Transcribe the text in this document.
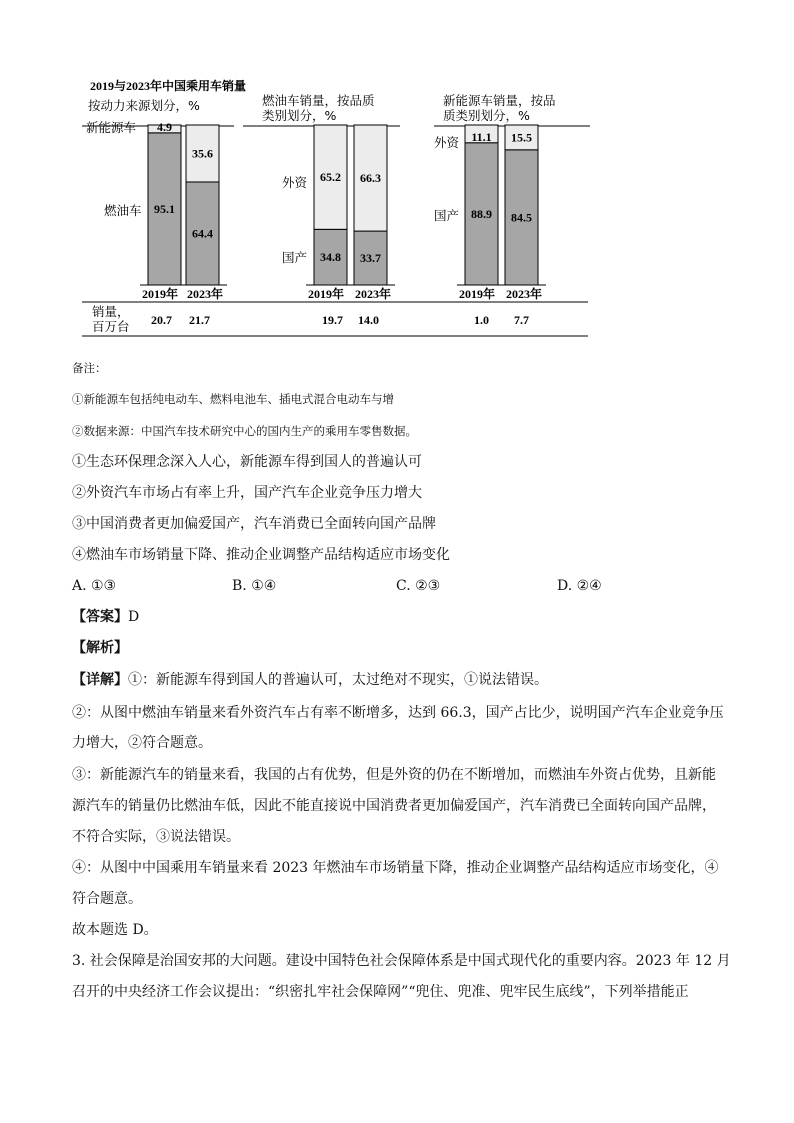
2019与2023年中国乘用车销量
按动力来源划分，%
4.9
95.1
35.6
64.4
新能源车
燃油车
2019年 2023年
20.7 21.7
燃油车销量，按品质
类别划分，%
65.2
34.8
66.3
33.7
外资
国产
2019年 2023年
19.7 14.0
新能源车销量，按品
质类别划分，%
11.1
88.9
15.5
84.5
外资
国产
2019年 2023年
1.0 7.7
销量，
百万台
备注：
①新能源车包括纯电动车、燃料电池车、插电式混合电动车与增
②数据来源：中国汽车技术研究中心的国内生产的乘用车零售数据。
①生态环保理念深入人心，新能源车得到国人的普遍认可
②外资汽车市场占有率上升，国产汽车企业竞争压力增大
③中国消费者更加偏爱国产，汽车消费已全面转向国产品牌
④燃油车市场销量下降、推动企业调整产品结构适应市场变化
A. ①③	B. ①④	C. ②③	D. ②④
【答案】D
【解析】
【详解】①：新能源车得到国人的普遍认可，太过绝对不现实，①说法错误。
②：从图中燃油车销量来看外资汽车占有率不断增多，达到 66.3，国产占比少，说明国产汽车企业竞争压
力增大，②符合题意。
③：新能源汽车的销量来看，我国的占有优势，但是外资的仍在不断增加，而燃油车外资占优势，且新能
源汽车的销量仍比燃油车低，因此不能直接说中国消费者更加偏爱国产，汽车消费已全面转向国产品牌，
不符合实际，③说法错误。
④：从图中中国乘用车销量来看 2023 年燃油车市场销量下降，推动企业调整产品结构适应市场变化，④
符合题意。
故本题选 D。
3. 社会保障是治国安邦的大问题。建设中国特色社会保障体系是中国式现代化的重要内容。2023 年 12 月
召开的中央经济工作会议提出：“织密扎牢社会保障网”“兜住、兜准、兜牢民生底线”，下列举措能正
